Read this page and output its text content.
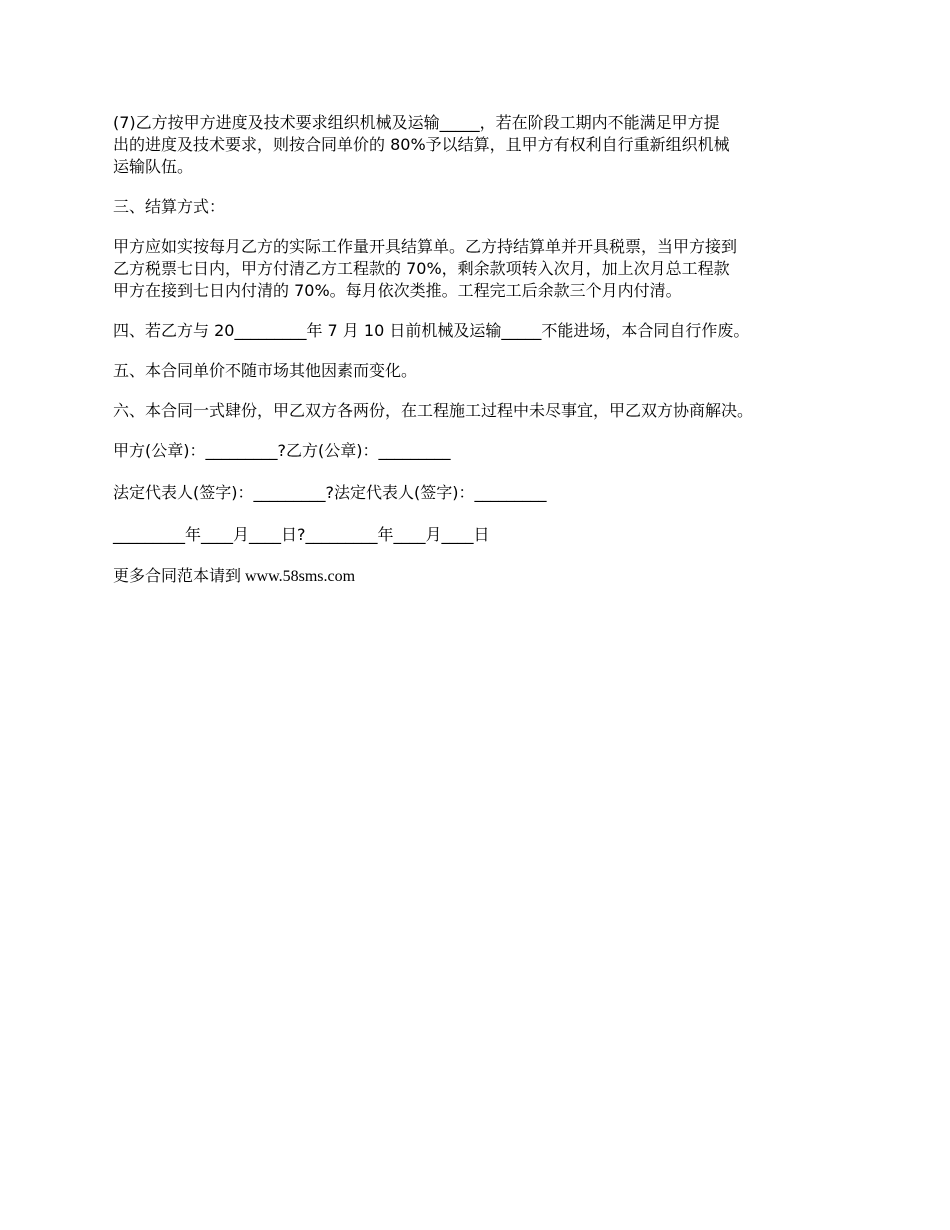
(7)乙方按甲方进度及技术要求组织机械及运输_____，若在阶段工期内不能满足甲方提
出的进度及技术要求，则按合同单价的 80%予以结算，且甲方有权利自行重新组织机械
运输队伍。
三、结算方式：
甲方应如实按每月乙方的实际工作量开具结算单。乙方持结算单并开具税票，当甲方接到
乙方税票七日内，甲方付清乙方工程款的 70%，剩余款项转入次月，加上次月总工程款
甲方在接到七日内付清的 70%。每月依次类推。工程完工后余款三个月内付清。
四、若乙方与 20_________年 7 月 10 日前机械及运输_____不能进场，本合同自行作废。
五、本合同单价不随市场其他因素而变化。
六、本合同一式肆份，甲乙双方各两份，在工程施工过程中未尽事宜，甲乙双方协商解决。
甲方(公章)：_________?乙方(公章)：_________
法定代表人(签字)：_________?法定代表人(签字)：_________
_________年____月____日?_________年____月____日
更多合同范本请到 www.58sms.com
